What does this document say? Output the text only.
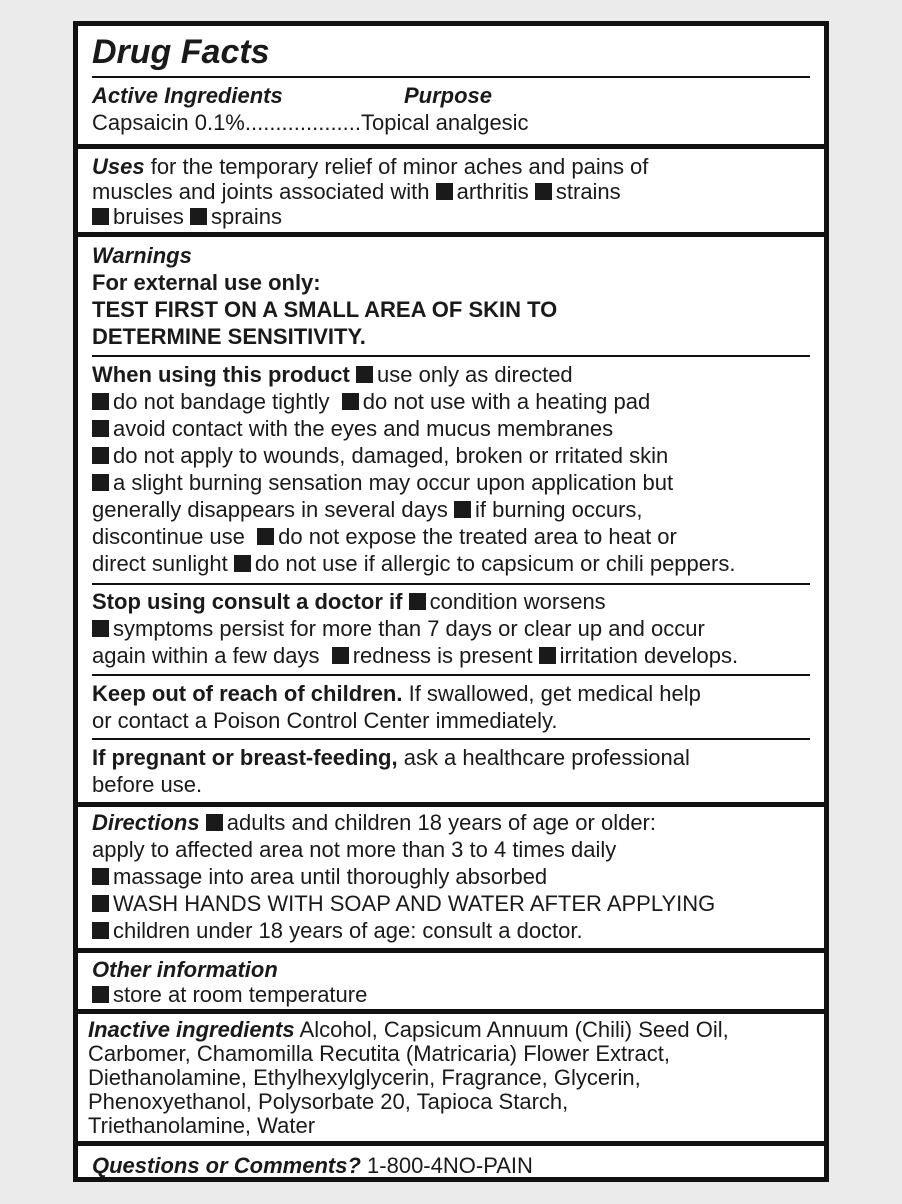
Drug Facts
Active Ingredients	Purpose
Capsaicin 0.1%...................Topical analgesic
Uses for the temporary relief of minor aches and pains of
muscles and joints associated with arthritis strains
bruises sprains
Warnings
For external use only:
TEST FIRST ON A SMALL AREA OF SKIN TO
DETERMINE SENSITIVITY.
When using this product use only as directed
do not bandage tightly do not use with a heating pad
avoid contact with the eyes and mucus membranes
do not apply to wounds, damaged, broken or rritated skin
a slight burning sensation may occur upon application but
generally disappears in several days if burning occurs,
discontinue use do not expose the treated area to heat or
direct sunlight do not use if allergic to capsicum or chili peppers.
Stop using consult a doctor if condition worsens
symptoms persist for more than 7 days or clear up and occur
again within a few days redness is present irritation develops.
Keep out of reach of children. If swallowed, get medical help
or contact a Poison Control Center immediately.
If pregnant or breast-feeding, ask a healthcare professional
before use.
Directions adults and children 18 years of age or older:
apply to affected area not more than 3 to 4 times daily
massage into area until thoroughly absorbed
WASH HANDS WITH SOAP AND WATER AFTER APPLYING
children under 18 years of age: consult a doctor.
Other information
store at room temperature
Inactive ingredients Alcohol, Capsicum Annuum (Chili) Seed Oil,
Carbomer, Chamomilla Recutita (Matricaria) Flower Extract,
Diethanolamine, Ethylhexylglycerin, Fragrance, Glycerin,
Phenoxyethanol, Polysorbate 20, Tapioca Starch,
Triethanolamine, Water
Questions or Comments? 1-800-4NO-PAIN
